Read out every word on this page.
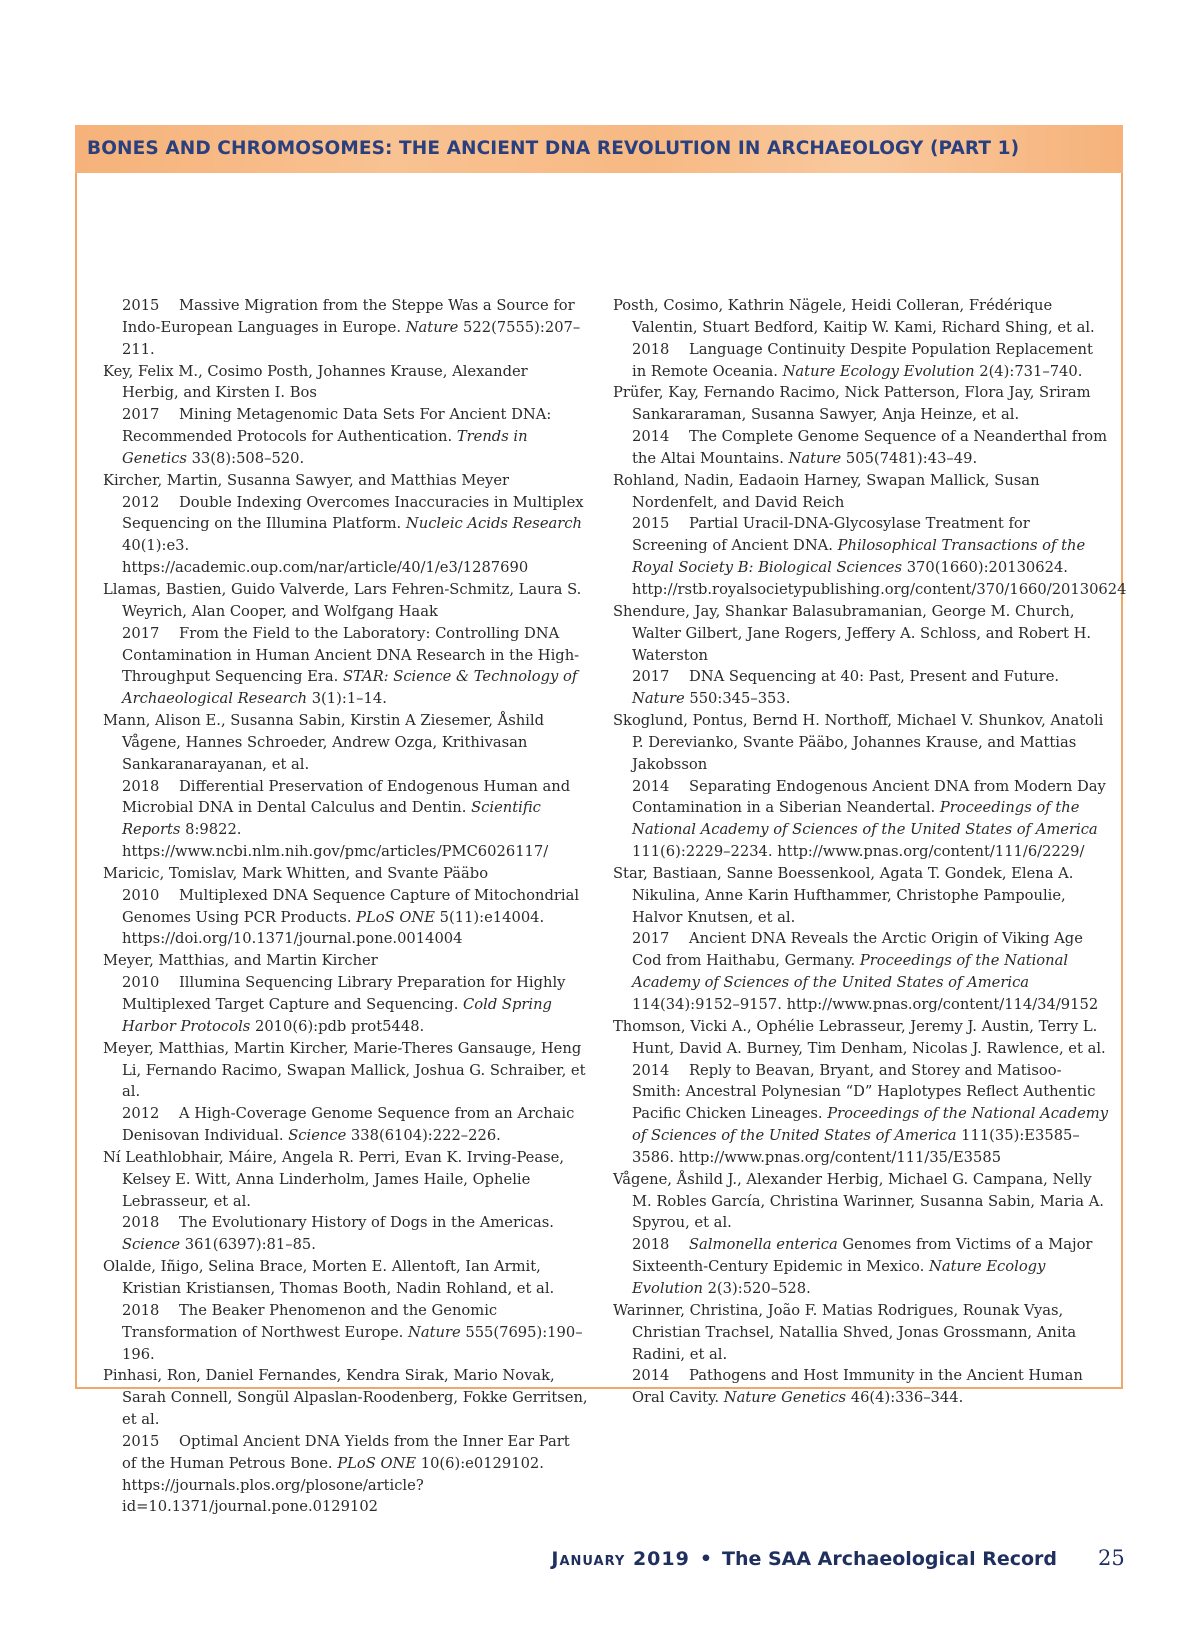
BONES AND CHROMOSOMES: THE ANCIENT DNA REVOLUTION IN ARCHAEOLOGY (PART 1)

2015 Massive Migration from the Steppe Was a Source for Indo-European Languages in Europe. Nature 522(7555):207–211.

Key, Felix M., Cosimo Posth, Johannes Krause, Alexander Herbig, and Kirsten I. Bos

2017 Mining Metagenomic Data Sets For Ancient DNA: Recommended Protocols for Authentication. Trends in Genetics 33(8):508–520.

Kircher, Martin, Susanna Sawyer, and Matthias Meyer

2012 Double Indexing Overcomes Inaccuracies in Multiplex Sequencing on the Illumina Platform. Nucleic Acids Research 40(1):e3. https://academic.oup.com/nar/article/40/1/e3/1287690

Llamas, Bastien, Guido Valverde, Lars Fehren-Schmitz, Laura S. Weyrich, Alan Cooper, and Wolfgang Haak

2017 From the Field to the Laboratory: Controlling DNA Contamination in Human Ancient DNA Research in the High-Throughput Sequencing Era. STAR: Science & Technology of Archaeological Research 3(1):1–14.

Mann, Alison E., Susanna Sabin, Kirstin A Ziesemer, Åshild Vågene, Hannes Schroeder, Andrew Ozga, Krithivasan Sankaranarayanan, et al.

2018 Differential Preservation of Endogenous Human and Microbial DNA in Dental Calculus and Dentin. Scientific Reports 8:9822. https://www.ncbi.nlm.nih.gov/pmc/articles/PMC6026117/

Maricic, Tomislav, Mark Whitten, and Svante Pääbo

2010 Multiplexed DNA Sequence Capture of Mitochondrial Genomes Using PCR Products. PLoS ONE 5(11):e14004. https://doi.org/10.1371/journal.pone.0014004

Meyer, Matthias, and Martin Kircher

2010 Illumina Sequencing Library Preparation for Highly Multiplexed Target Capture and Sequencing. Cold Spring Harbor Protocols 2010(6):pdb prot5448.

Meyer, Matthias, Martin Kircher, Marie-Theres Gansauge, Heng Li, Fernando Racimo, Swapan Mallick, Joshua G. Schraiber, et al.

2012 A High-Coverage Genome Sequence from an Archaic Denisovan Individual. Science 338(6104):222–226.

Ní Leathlobhair, Máire, Angela R. Perri, Evan K. Irving-Pease, Kelsey E. Witt, Anna Linderholm, James Haile, Ophelie Lebrasseur, et al.

2018 The Evolutionary History of Dogs in the Americas. Science 361(6397):81–85.

Olalde, Iñigo, Selina Brace, Morten E. Allentoft, Ian Armit, Kristian Kristiansen, Thomas Booth, Nadin Rohland, et al.

2018 The Beaker Phenomenon and the Genomic Transformation of Northwest Europe. Nature 555(7695):190–196.

Pinhasi, Ron, Daniel Fernandes, Kendra Sirak, Mario Novak, Sarah Connell, Songül Alpaslan-Roodenberg, Fokke Gerritsen, et al.

2015 Optimal Ancient DNA Yields from the Inner Ear Part of the Human Petrous Bone. PLoS ONE 10(6):e0129102. https://journals.plos.org/plosone/article?id=10.1371/journal.pone.0129102

Posth, Cosimo, Kathrin Nägele, Heidi Colleran, Frédérique Valentin, Stuart Bedford, Kaitip W. Kami, Richard Shing, et al.

2018 Language Continuity Despite Population Replacement in Remote Oceania. Nature Ecology Evolution 2(4):731–740.

Prüfer, Kay, Fernando Racimo, Nick Patterson, Flora Jay, Sriram Sankararaman, Susanna Sawyer, Anja Heinze, et al.

2014 The Complete Genome Sequence of a Neanderthal from the Altai Mountains. Nature 505(7481):43–49.

Rohland, Nadin, Eadaoin Harney, Swapan Mallick, Susan Nordenfelt, and David Reich

2015 Partial Uracil-DNA-Glycosylase Treatment for Screening of Ancient DNA. Philosophical Transactions of the Royal Society B: Biological Sciences 370(1660):20130624. http://rstb.royalsocietypublishing.org/content/370/1660/20130624

Shendure, Jay, Shankar Balasubramanian, George M. Church, Walter Gilbert, Jane Rogers, Jeffery A. Schloss, and Robert H. Waterston

2017 DNA Sequencing at 40: Past, Present and Future. Nature 550:345–353.

Skoglund, Pontus, Bernd H. Northoff, Michael V. Shunkov, Anatoli P. Derevianko, Svante Pääbo, Johannes Krause, and Mattias Jakobsson

2014 Separating Endogenous Ancient DNA from Modern Day Contamination in a Siberian Neandertal. Proceedings of the National Academy of Sciences of the United States of America 111(6):2229–2234. http://www.pnas.org/content/111/6/2229/

Star, Bastiaan, Sanne Boessenkool, Agata T. Gondek, Elena A. Nikulina, Anne Karin Hufthammer, Christophe Pampoulie, Halvor Knutsen, et al.

2017 Ancient DNA Reveals the Arctic Origin of Viking Age Cod from Haithabu, Germany. Proceedings of the National Academy of Sciences of the United States of America 114(34):9152–9157. http://www.pnas.org/content/114/34/9152

Thomson, Vicki A., Ophélie Lebrasseur, Jeremy J. Austin, Terry L. Hunt, David A. Burney, Tim Denham, Nicolas J. Rawlence, et al.

2014 Reply to Beavan, Bryant, and Storey and Matisoo-Smith: Ancestral Polynesian “D” Haplotypes Reflect Authentic Pacific Chicken Lineages. Proceedings of the National Academy of Sciences of the United States of America 111(35):E3585–3586. http://www.pnas.org/content/111/35/E3585

Vågene, Åshild J., Alexander Herbig, Michael G. Campana, Nelly M. Robles García, Christina Warinner, Susanna Sabin, Maria A. Spyrou, et al.

2018 Salmonella enterica Genomes from Victims of a Major Sixteenth-Century Epidemic in Mexico. Nature Ecology Evolution 2(3):520–528.

Warinner, Christina, João F. Matias Rodrigues, Rounak Vyas, Christian Trachsel, Natallia Shved, Jonas Grossmann, Anita Radini, et al.

2014 Pathogens and Host Immunity in the Ancient Human Oral Cavity. Nature Genetics 46(4):336–344.

January 2019 • The SAA Archaeological Record 25
